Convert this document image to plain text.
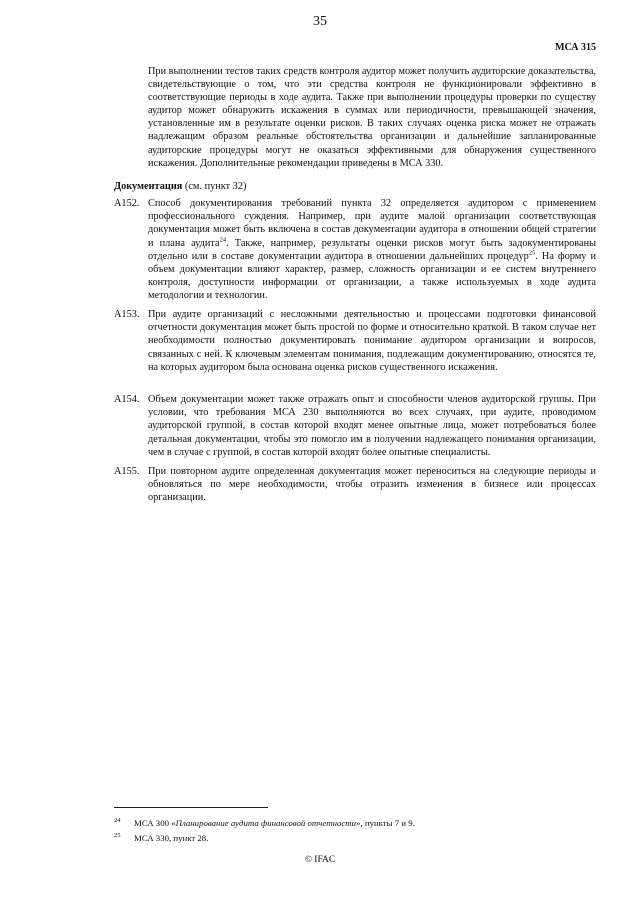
35
МСА 315
При выполнении тестов таких средств контроля аудитор может получить аудиторские доказательства, свидетельствующие о том, что эти средства контроля не функционировали эффективно в соответствующие периоды в ходе аудита. Также при выполнении процедуры проверки по существу аудитор может обнаружить искажения в суммах или периодичности, превышающей значения, установленные им в результате оценки рисков. В таких случаях оценка риска может не отражать надлежащим образом реальные обстоятельства организации и дальнейшие запланированные аудиторские процедуры могут не оказаться эффективными для обнаружения существенного искажения. Дополнительные рекомендации приведены в МСА 330.
Документация (см. пункт 32)
A152. Способ документирования требований пункта 32 определяется аудитором с применением профессионального суждения. Например, при аудите малой организации соответствующая документация может быть включена в состав документации аудитора в отношении общей стратегии и плана аудита$^{24}$. Также, например, результаты оценки рисков могут быть задокументированы отдельно или в составе документации аудитора в отношении дальнейших процедур$^{25}$. На форму и объем документации влияют характер, размер, сложность организации и ее систем внутреннего контроля, доступности информации от организации, а также используемых в ходе аудита методологии и технологии.
A153. При аудите организаций с несложными деятельностью и процессами подготовки финансовой отчетности документация может быть простой по форме и относительно краткой. В таком случае нет необходимости полностью документировать понимание аудитором организации и вопросов, связанных с ней. К ключевым элементам понимания, подлежащим документированию, относятся те, на которых аудитором была основана оценка рисков существенного искажения.
A154. Объем документации может также отражать опыт и способности членов аудиторской группы. При условии, что требования МСА 230 выполняются во всех случаях, при аудите, проводимом аудиторской группой, в состав которой входят менее опытные лица, может потребоваться более детальная документации, чтобы это помогло им в получении надлежащего понимания организации, чем в случае с группой, в состав которой входят более опытные специалисты.
A155. При повторном аудите определенная документация может переноситься на следующие периоды и обновляться по мере необходимости, чтобы отразить изменения в бизнесе или процессах организации.
24 МСА 300 «Планирование аудита финансовой отчетности», пункты 7 и 9.
25 МСА 330, пункт 28.
© IFAC
